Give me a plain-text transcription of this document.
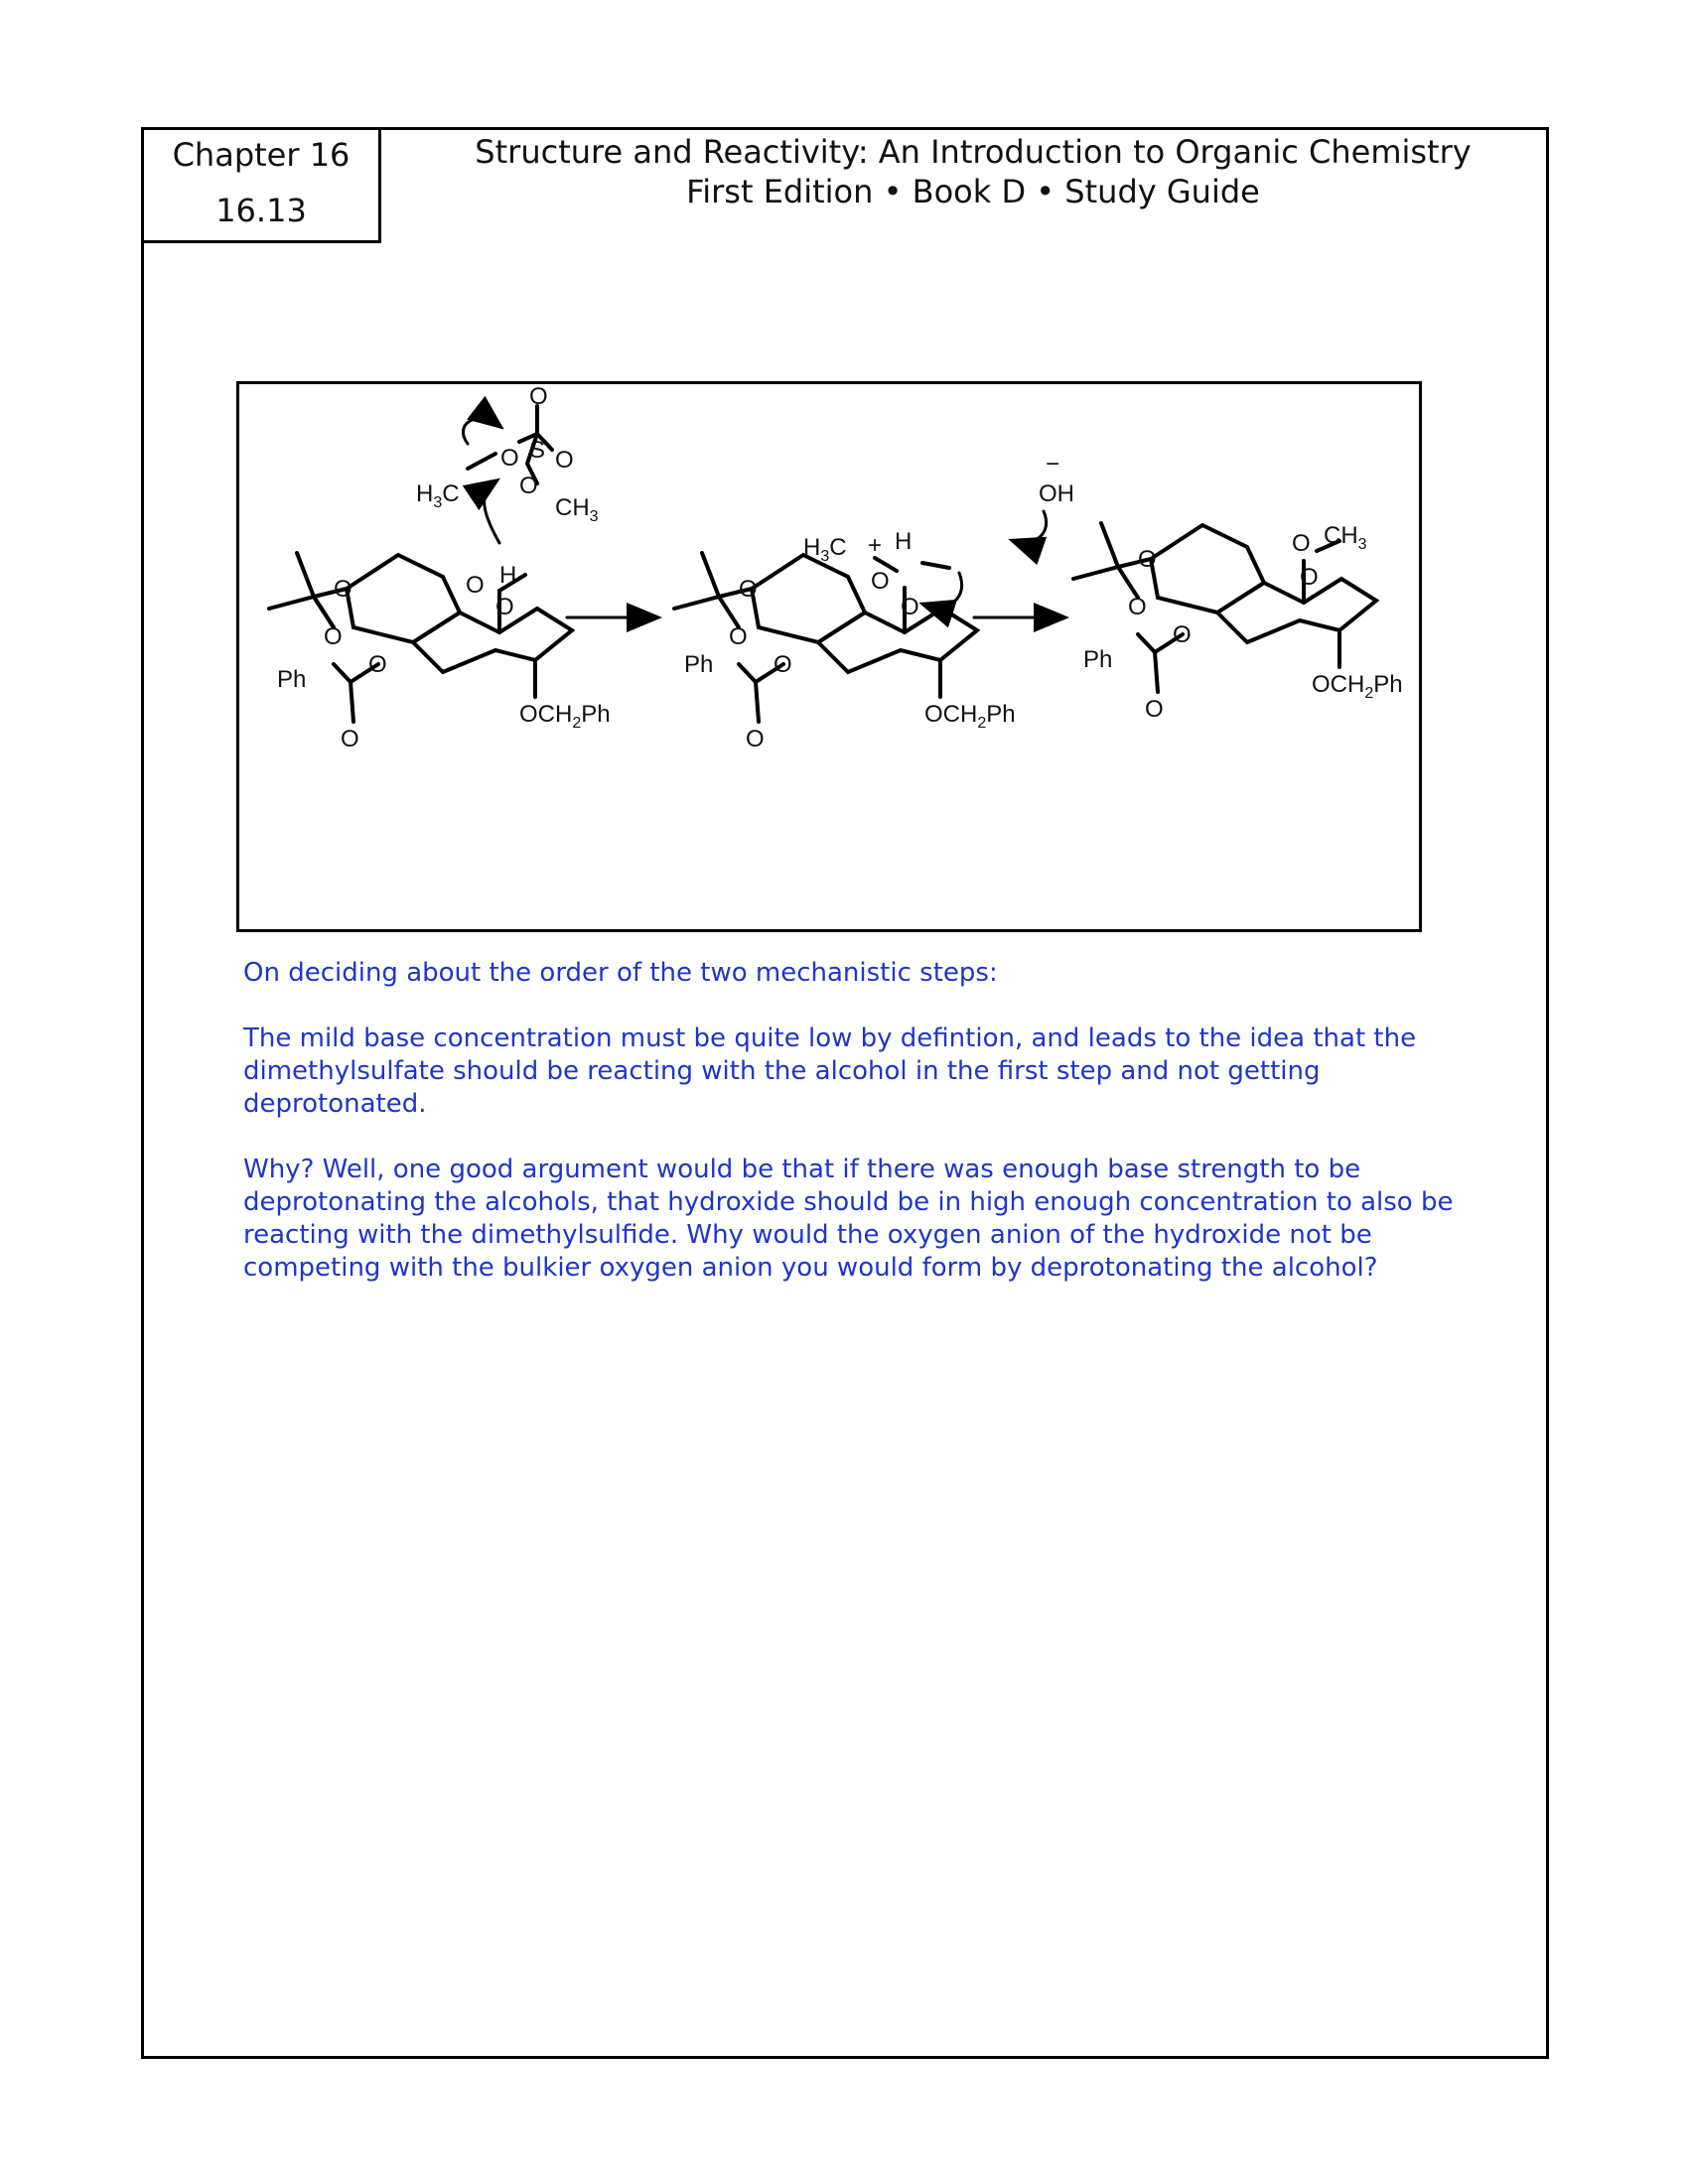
Chapter 16
16.13
Structure and Reactivity: An Introduction to Organic Chemistry
First Edition • Book D • Study Guide
$H_3C$
O S
O
O
O
$CH_3$
O H
O
O
O
O
Ph
O
$OCH_2Ph$
−
OH
$H_3C + H$
O
O
O
O
O
Ph
O
$OCH_2Ph$
O $CH_3$
O
O
O
O
Ph
O
$OCH_2Ph$

On deciding about the order of the two mechanistic steps:

The mild base concentration must be quite low by defintion, and leads to the idea that the dimethylsulfate should be reacting with the alcohol in the first step and not getting deprotonated.

Why? Well, one good argument would be that if there was enough base strength to be deprotonating the alcohols, that hydroxide should be in high enough concentration to also be reacting with the dimethylsulfide. Why would the oxygen anion of the hydroxide not be competing with the bulkier oxygen anion you would form by deprotonating the alcohol?
